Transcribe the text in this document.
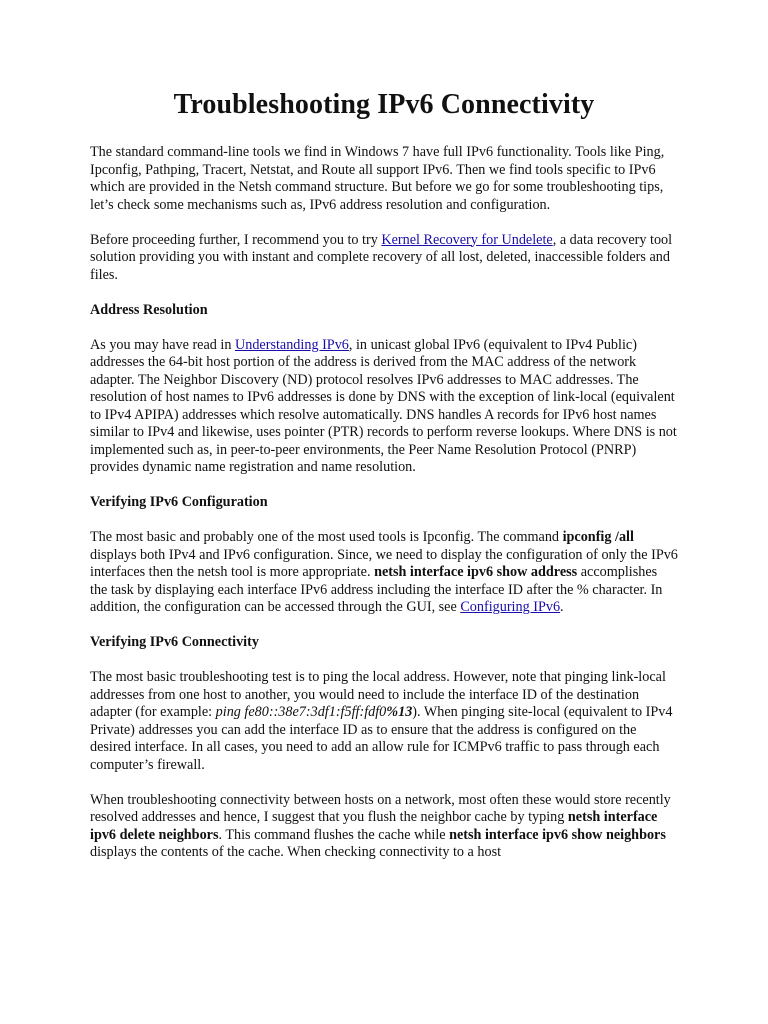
Troubleshooting IPv6 Connectivity

The standard command-line tools we find in Windows 7 have full IPv6 functionality. Tools like Ping, Ipconfig, Pathping, Tracert, Netstat, and Route all support IPv6. Then we find tools specific to IPv6 which are provided in the Netsh command structure. But before we go for some troubleshooting tips, let’s check some mechanisms such as, IPv6 address resolution and configuration.

Before proceeding further, I recommend you to try Kernel Recovery for Undelete, a data recovery tool solution providing you with instant and complete recovery of all lost, deleted, inaccessible folders and files.

Address Resolution

As you may have read in Understanding IPv6, in unicast global IPv6 (equivalent to IPv4 Public) addresses the 64-bit host portion of the address is derived from the MAC address of the network adapter. The Neighbor Discovery (ND) protocol resolves IPv6 addresses to MAC addresses. The resolution of host names to IPv6 addresses is done by DNS with the exception of link-local (equivalent to IPv4 APIPA) addresses which resolve automatically. DNS handles A records for IPv6 host names similar to IPv4 and likewise, uses pointer (PTR) records to perform reverse lookups. Where DNS is not implemented such as, in peer-to-peer environments, the Peer Name Resolution Protocol (PNRP) provides dynamic name registration and name resolution.

Verifying IPv6 Configuration

The most basic and probably one of the most used tools is Ipconfig. The command ipconfig /all displays both IPv4 and IPv6 configuration. Since, we need to display the configuration of only the IPv6 interfaces then the netsh tool is more appropriate. netsh interface ipv6 show address accomplishes the task by displaying each interface IPv6 address including the interface ID after the % character. In addition, the configuration can be accessed through the GUI, see Configuring IPv6.

Verifying IPv6 Connectivity

The most basic troubleshooting test is to ping the local address. However, note that pinging link-local addresses from one host to another, you would need to include the interface ID of the destination adapter (for example: ping fe80::38e7:3df1:f5ff:fdf0%13). When pinging site-local (equivalent to IPv4 Private) addresses you can add the interface ID as to ensure that the address is configured on the desired interface. In all cases, you need to add an allow rule for ICMPv6 traffic to pass through each computer’s firewall.

When troubleshooting connectivity between hosts on a network, most often these would store recently resolved addresses and hence, I suggest that you flush the neighbor cache by typing netsh interface ipv6 delete neighbors. This command flushes the cache while netsh interface ipv6 show neighbors displays the contents of the cache. When checking connectivity to a host
